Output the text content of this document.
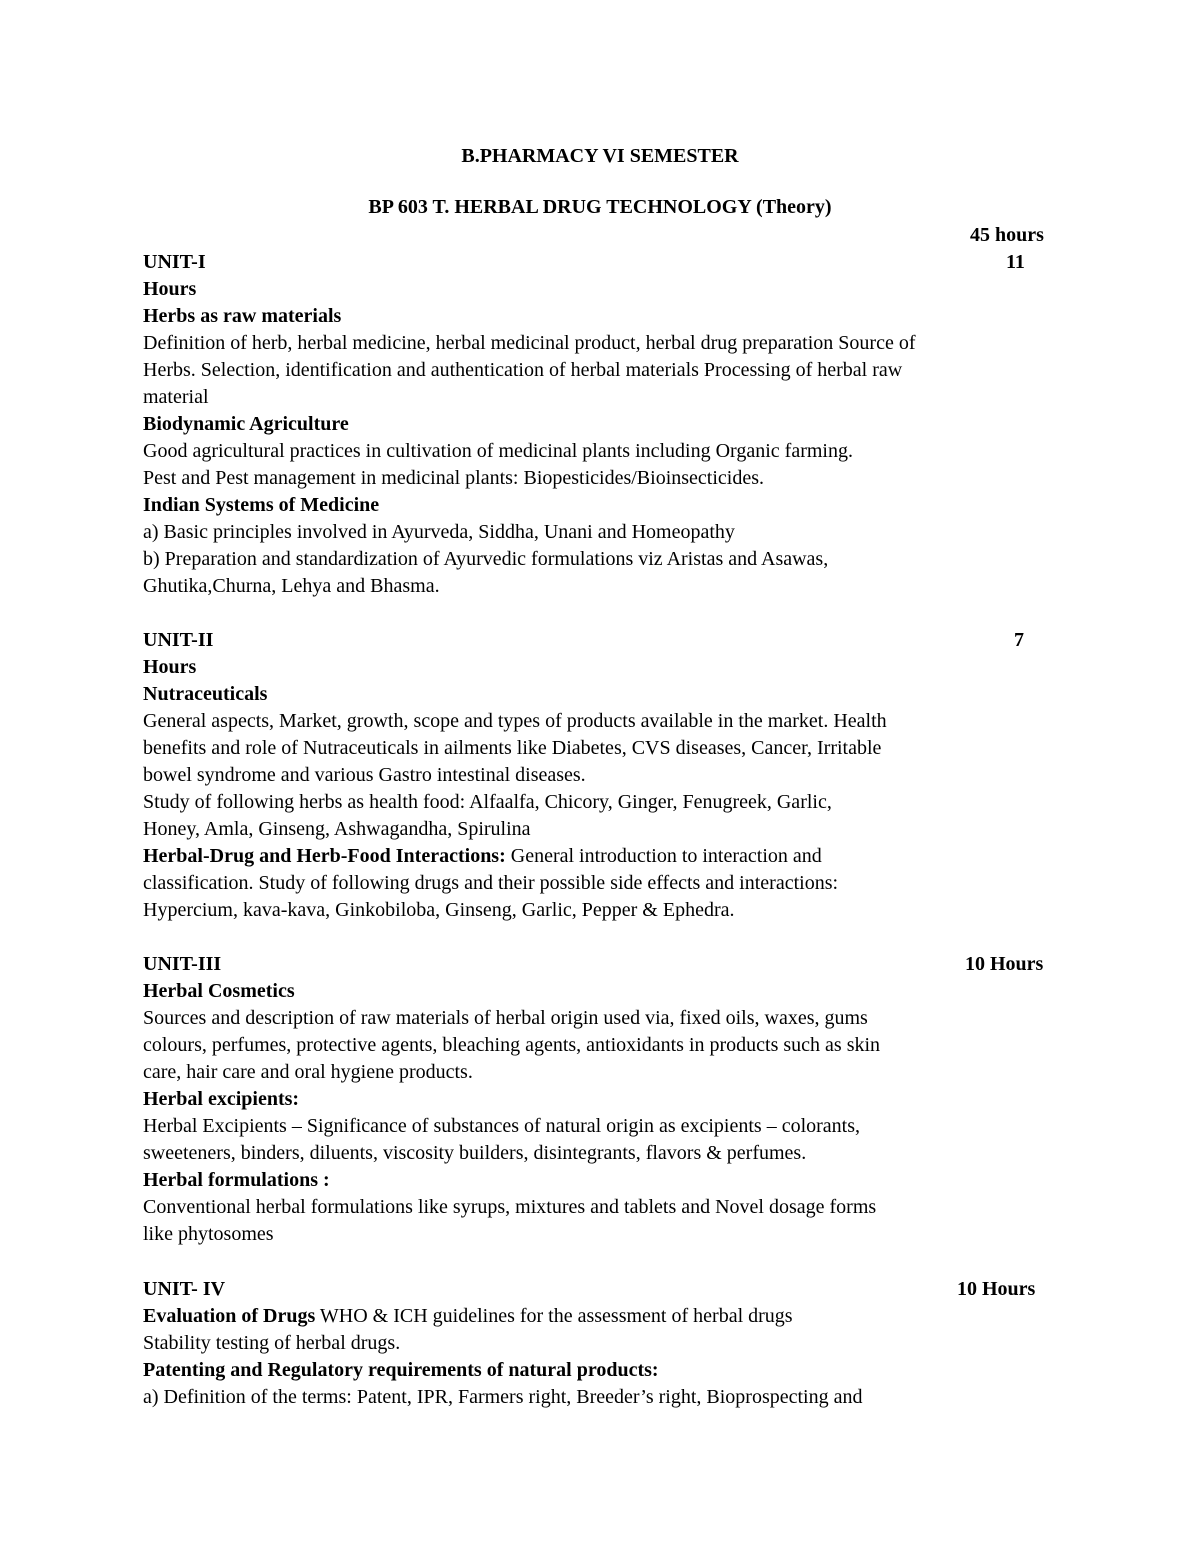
B.PHARMACY VI SEMESTER
BP 603 T. HERBAL DRUG TECHNOLOGY (Theory)
45 hours
UNIT-I	11
Hours
Herbs as raw materials
Definition of herb, herbal medicine, herbal medicinal product, herbal drug preparation Source of
Herbs. Selection, identification and authentication of herbal materials Processing of herbal raw
material
Biodynamic Agriculture
Good agricultural practices in cultivation of medicinal plants including Organic farming.
Pest and Pest management in medicinal plants: Biopesticides/Bioinsecticides.
Indian Systems of Medicine
a) Basic principles involved in Ayurveda, Siddha, Unani and Homeopathy
b) Preparation and standardization of Ayurvedic formulations viz Aristas and Asawas,
Ghutika,Churna, Lehya and Bhasma.
UNIT-II	7
Hours
Nutraceuticals
General aspects, Market, growth, scope and types of products available in the market. Health
benefits and role of Nutraceuticals in ailments like Diabetes, CVS diseases, Cancer, Irritable
bowel syndrome and various Gastro intestinal diseases.
Study of following herbs as health food: Alfaalfa, Chicory, Ginger, Fenugreek, Garlic,
Honey, Amla, Ginseng, Ashwagandha, Spirulina
Herbal-Drug and Herb-Food Interactions: General introduction to interaction and
classification. Study of following drugs and their possible side effects and interactions:
Hypercium, kava-kava, Ginkobiloba, Ginseng, Garlic, Pepper & Ephedra.
UNIT-III	10 Hours
Herbal Cosmetics
Sources and description of raw materials of herbal origin used via, fixed oils, waxes, gums
colours, perfumes, protective agents, bleaching agents, antioxidants in products such as skin
care, hair care and oral hygiene products.
Herbal excipients:
Herbal Excipients – Significance of substances of natural origin as excipients – colorants,
sweeteners, binders, diluents, viscosity builders, disintegrants, flavors & perfumes.
Herbal formulations :
Conventional herbal formulations like syrups, mixtures and tablets and Novel dosage forms
like phytosomes
UNIT- IV	10 Hours
Evaluation of Drugs WHO & ICH guidelines for the assessment of herbal drugs
Stability testing of herbal drugs.
Patenting and Regulatory requirements of natural products:
a) Definition of the terms: Patent, IPR, Farmers right, Breeder’s right, Bioprospecting and
